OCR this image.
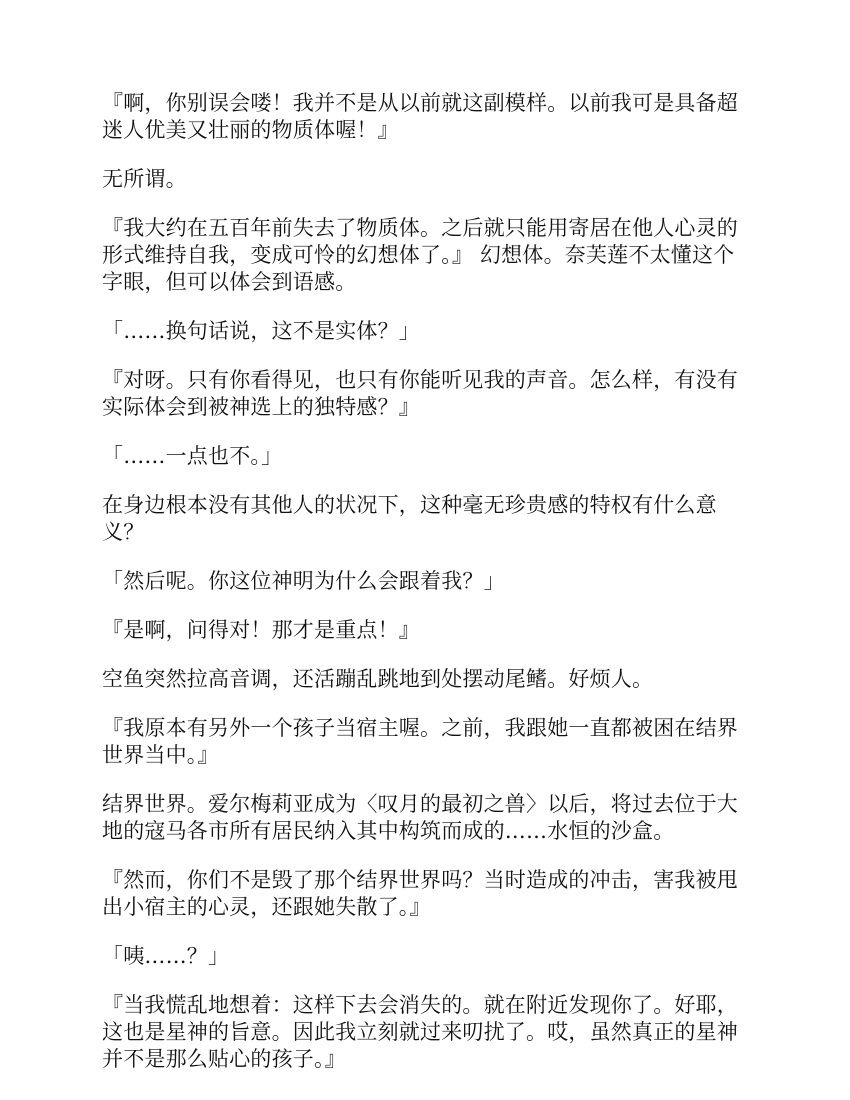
『啊，你别误会喽！我并不是从以前就这副模样。以前我可是具备超迷人优美又壮丽的物质体喔！』

无所谓。

『我大约在五百年前失去了物质体。之后就只能用寄居在他人心灵的形式维持自我，变成可怜的幻想体了。』 幻想体。奈芙莲不太懂这个字眼，但可以体会到语感。

「……换句话说，这不是实体？」

『对呀。只有你看得见，也只有你能听见我的声音。怎么样，有没有实际体会到被神选上的独特感？』

「……一点也不。」

在身边根本没有其他人的状况下，这种毫无珍贵感的特权有什么意义？

「然后呢。你这位神明为什么会跟着我？」

『是啊，问得对！那才是重点！』

空鱼突然拉高音调，还活蹦乱跳地到处摆动尾鳍。好烦人。

『我原本有另外一个孩子当宿主喔。之前，我跟她一直都被困在结界世界当中。』

结界世界。爱尔梅莉亚成为〈叹月的最初之兽〉以后，将过去位于大地的寇马各市所有居民纳入其中构筑而成的……水恒的沙盒。

『然而，你们不是毁了那个结界世界吗？当时造成的冲击，害我被甩出小宿主的心灵，还跟她失散了。』

「咦……？」

『当我慌乱地想着：这样下去会消失的。就在附近发现你了。好耶，这也是星神的旨意。因此我立刻就过来叨扰了。哎，虽然真正的星神并不是那么贴心的孩子。』
